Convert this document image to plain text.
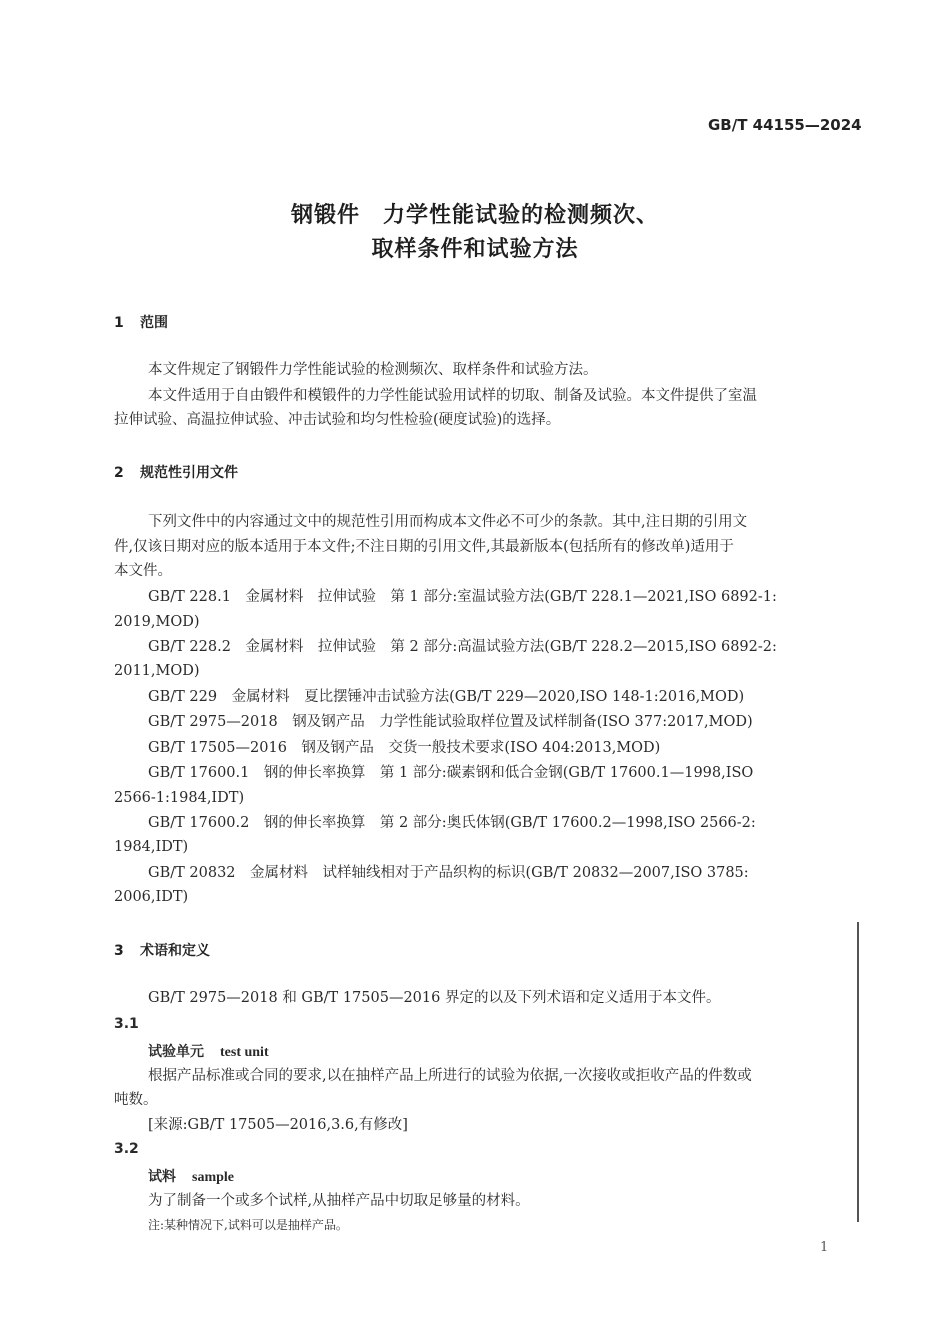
GB/T 44155—2024
钢锻件　力学性能试验的检测频次、
取样条件和试验方法
1 范围
本文件规定了钢锻件力学性能试验的检测频次、取样条件和试验方法。
本文件适用于自由锻件和模锻件的力学性能试验用试样的切取、制备及试验。本文件提供了室温
拉伸试验、高温拉伸试验、冲击试验和均匀性检验(硬度试验)的选择。
2 规范性引用文件
下列文件中的内容通过文中的规范性引用而构成本文件必不可少的条款。其中,注日期的引用文
件,仅该日期对应的版本适用于本文件;不注日期的引用文件,其最新版本(包括所有的修改单)适用于
本文件。
GB/T 228.1　金属材料　拉伸试验　第 1 部分:室温试验方法(GB/T 228.1—2021,ISO 6892-1:
2019,MOD)
GB/T 228.2　金属材料　拉伸试验　第 2 部分:高温试验方法(GB/T 228.2—2015,ISO 6892-2:
2011,MOD)
GB/T 229　金属材料　夏比摆锤冲击试验方法(GB/T 229—2020,ISO 148-1:2016,MOD)
GB/T 2975—2018　钢及钢产品　力学性能试验取样位置及试样制备(ISO 377:2017,MOD)
GB/T 17505—2016　钢及钢产品　交货一般技术要求(ISO 404:2013,MOD)
GB/T 17600.1　钢的伸长率换算　第 1 部分:碳素钢和低合金钢(GB/T 17600.1—1998,ISO
2566-1:1984,IDT)
GB/T 17600.2　钢的伸长率换算　第 2 部分:奥氏体钢(GB/T 17600.2—1998,ISO 2566-2:
1984,IDT)
GB/T 20832　金属材料　试样轴线相对于产品织构的标识(GB/T 20832—2007,ISO 3785:
2006,IDT)
3 术语和定义
GB/T 2975—2018 和 GB/T 17505—2016 界定的以及下列术语和定义适用于本文件。
3.1
试验单元 test unit
根据产品标准或合同的要求,以在抽样产品上所进行的试验为依据,一次接收或拒收产品的件数或
吨数。
[来源:GB/T 17505—2016,3.6,有修改]
3.2
试料 sample
为了制备一个或多个试样,从抽样产品中切取足够量的材料。
注:某种情况下,试料可以是抽样产品。
1
